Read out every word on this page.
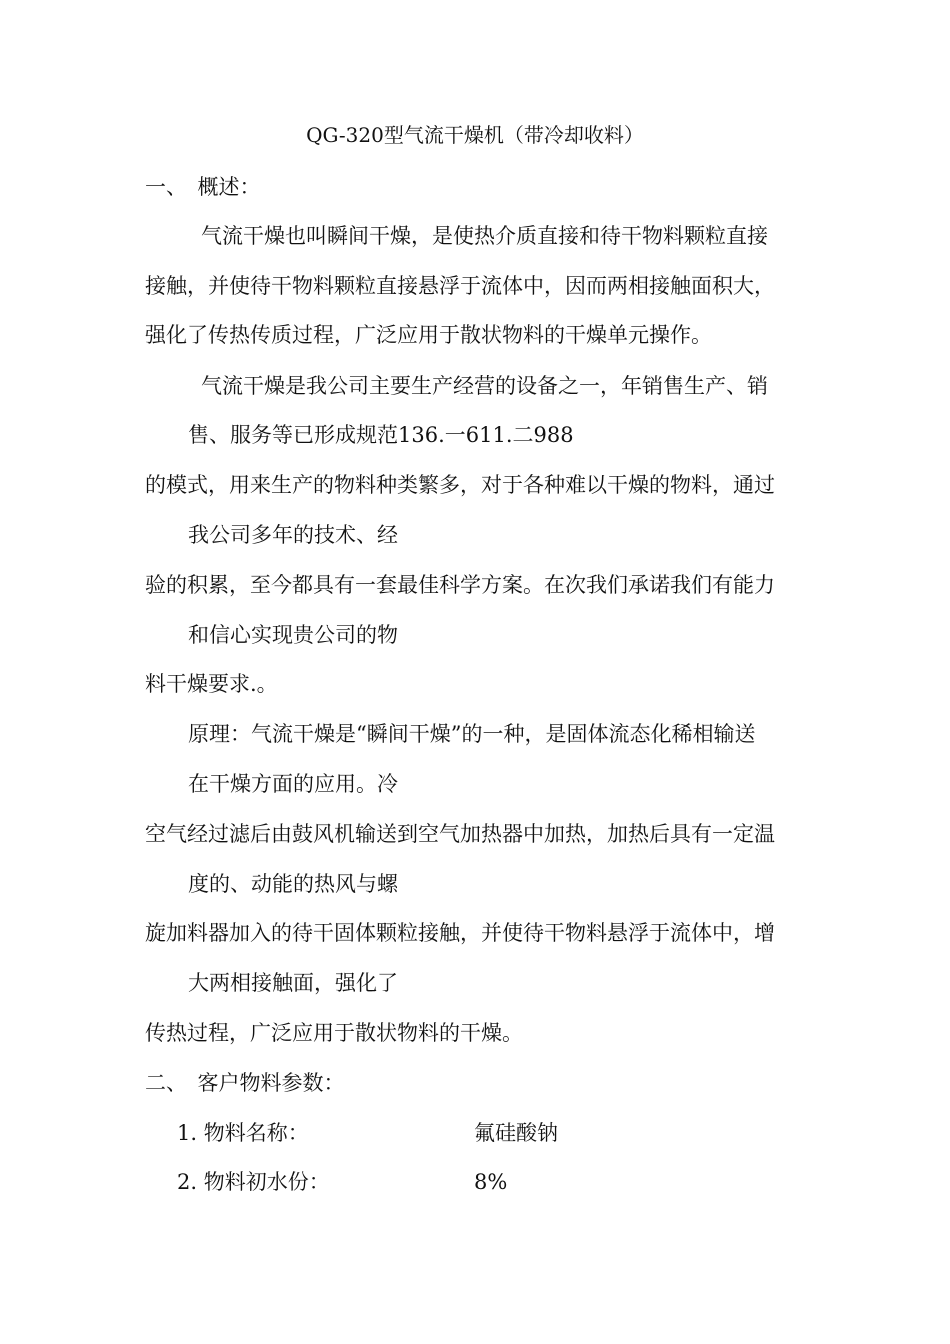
QG-320型气流干燥机（带冷却收料）
一、　概述：
　气流干燥也叫瞬间干燥，是使热介质直接和待干物料颗粒直接
接触，并使待干物料颗粒直接悬浮于流体中，因而两相接触面积大，
强化了传热传质过程，广泛应用于散状物料的干燥单元操作。
　气流干燥是我公司主要生产经营的设备之一，年销售生产、销
售、服务等已形成规范136.一611.二988
的模式，用来生产的物料种类繁多，对于各种难以干燥的物料，通过
我公司多年的技术、经
验的积累，至今都具有一套最佳科学方案。在次我们承诺我们有能力
和信心实现贵公司的物
料干燥要求.。
原理：气流干燥是“瞬间干燥”的一种，是固体流态化稀相输送
在干燥方面的应用。冷
空气经过滤后由鼓风机输送到空气加热器中加热，加热后具有一定温
度的、动能的热风与螺
旋加料器加入的待干固体颗粒接触，并使待干物料悬浮于流体中，增
大两相接触面，强化了
传热过程，广泛应用于散状物料的干燥。
二、　客户物料参数：
1. 物料名称：	氟硅酸钠
2. 物料初水份：	8%
